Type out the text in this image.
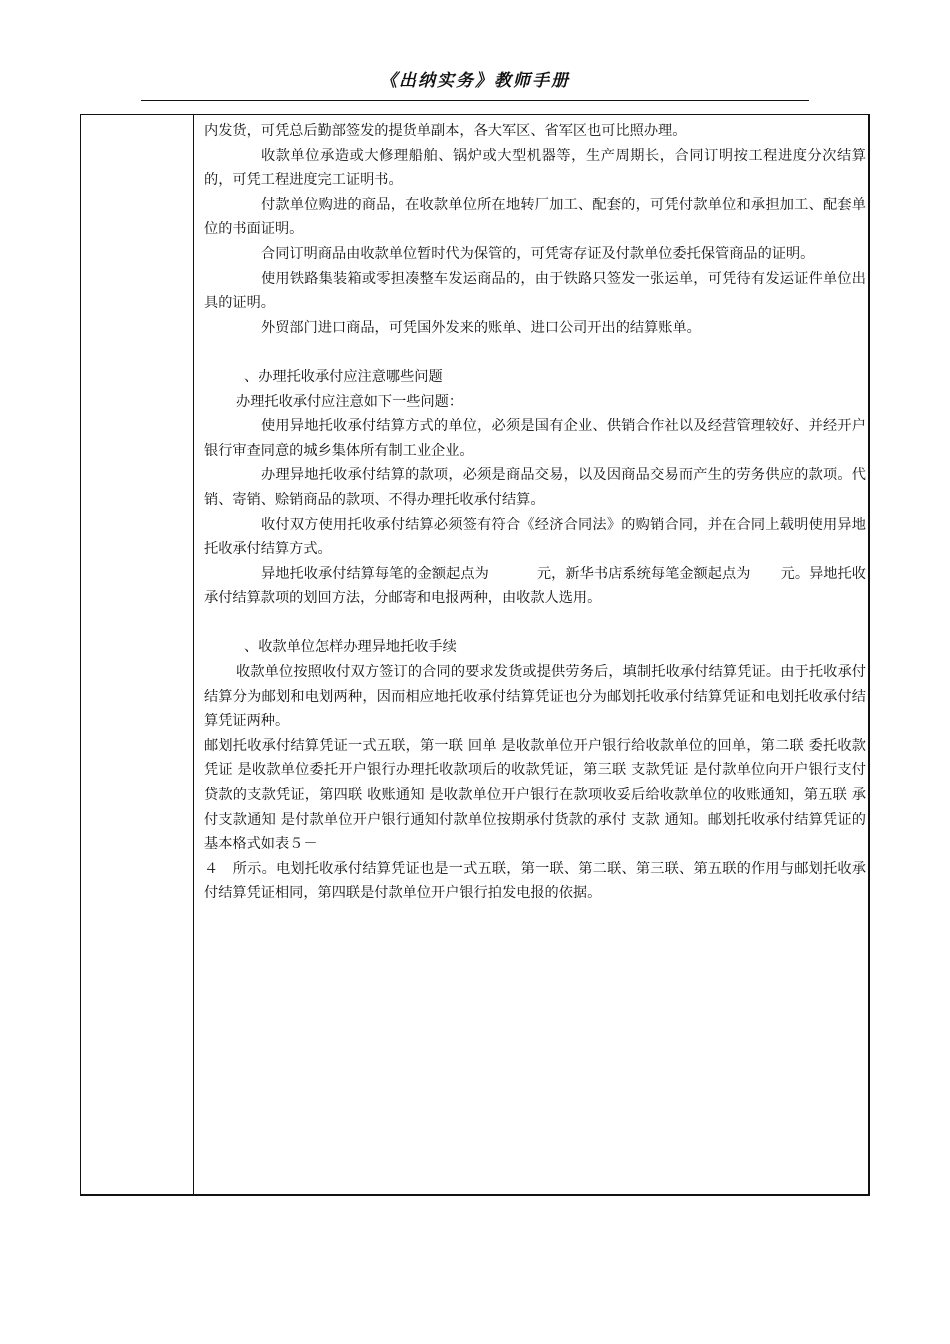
《出纳实务》教师手册

内发货，可凭总后勤部签发的提货单副本，各大军区、省军区也可比照办理。

收款单位承造或大修理船舶、锅炉或大型机器等，生产周期长，合同订明按工程进度分次结算的，可凭工程进度完工证明书。

付款单位购进的商品，在收款单位所在地转厂加工、配套的，可凭付款单位和承担加工、配套单位的书面证明。

合同订明商品由收款单位暂时代为保管的，可凭寄存证及付款单位委托保管商品的证明。

使用铁路集装箱或零担凑整车发运商品的，由于铁路只签发一张运单，可凭待有发运证件单位出具的证明。

外贸部门进口商品，可凭国外发来的账单、进口公司开出的结算账单。

、办理托收承付应注意哪些问题

办理托收承付应注意如下一些问题：

使用异地托收承付结算方式的单位，必须是国有企业、供销合作社以及经营管理较好、并经开户银行审查同意的城乡集体所有制工业企业。

办理异地托收承付结算的款项，必须是商品交易，以及因商品交易而产生的劳务供应的款项。代销、寄销、赊销商品的款项、不得办理托收承付结算。

收付双方使用托收承付结算必须签有符合《经济合同法》的购销合同，并在合同上载明使用异地托收承付结算方式。

异地托收承付结算每笔的金额起点为	元，新华书店系统每笔金额起点为 元。异地托收承付结算款项的划回方法，分邮寄和电报两种，由收款人选用。

、收款单位怎样办理异地托收手续

收款单位按照收付双方签订的合同的要求发货或提供劳务后，填制托收承付结算凭证。由于托收承付结算分为邮划和电划两种，因而相应地托收承付结算凭证也分为邮划托收承付结算凭证和电划托收承付结算凭证两种。

邮划托收承付结算凭证一式五联，第一联 回单 是收款单位开户银行给收款单位的回单，第二联 委托收款凭证 是收款单位委托开户银行办理托收款项后的收款凭证，第三联 支款凭证 是付款单位向开户银行支付贷款的支款凭证，第四联 收账通知 是收款单位开户银行在款项收妥后给收款单位的收账通知，第五联 承付支款通知 是付款单位开户银行通知付款单位按期承付货款的承付 支款 通知。邮划托收承付结算凭证的基本格式如表５－

４　所示。电划托收承付结算凭证也是一式五联，第一联、第二联、第三联、第五联的作用与邮划托收承付结算凭证相同，第四联是付款单位开户银行拍发电报的依据。
